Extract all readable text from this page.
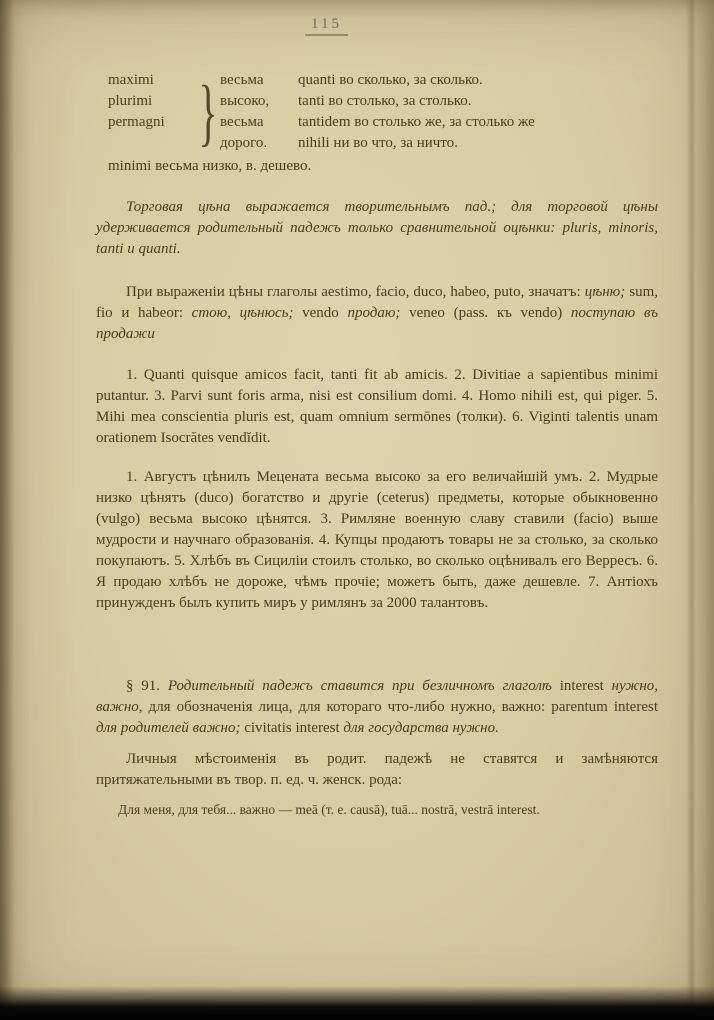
115
maximi
plurimi
permagni } весьма
высоко,
весьма
дорого.
quanti во сколько, за сколько.
tanti во столько, за столько.
tantidem во столько же, за столько же
nihili ни во что, за ничто.
minimi весьма низко, в. дешево.

Торговая цѣна выражается творительнымъ пад.; для торговой цѣны удерживается родительный падежъ только сравнительной оцѣнки: pluris, minoris, tanti и quanti.

При выраженіи цѣны глаголы aestimo, facio, duco, habeo, puto, значатъ: цѣню; sum, fio и habeor: стою, цѣнюсь; vendo продаю; veneo (pass. къ vendo) поступаю въ продажи

1. Quanti quisque amicos facit, tanti fit ab amicis. 2. Divitiae a sapientibus minimi putantur. 3. Parvi sunt foris arma, nisi est consilium domi. 4. Homo nihili est, qui piger. 5. Mihi mea conscientia pluris est, quam omnium sermōnes (толки). 6. Viginti talentis unam orationem Isocrătes vendĭdit.

1. Августъ цѣнилъ Мецената весьма высоко за его величайшій умъ. 2. Мудрые низко цѣнятъ (duco) богатство и другіе (ceterus) предметы, которые обыкновенно (vulgo) весьма высоко цѣнятся. 3. Римляне военную славу ставили (facio) выше мудрости и научнаго образованія. 4. Купцы продаютъ товары не за столько, за сколько покупаютъ. 5. Хлѣбъ въ Сициліи стоилъ столько, во сколько оцѣнивалъ его Верресъ. 6. Я продаю хлѣбъ не дороже, чѣмъ прочіе; можетъ быть, даже дешевле. 7. Антіохъ принужденъ былъ купить миръ у римлянъ за 2000 талантовъ.

§ 91. Родительный падежъ ставится при безличномъ глаголѣ interest нужно, важно, для обозначенія лица, для котораго что-либо нужно, важно: parentum interest для родителей важно; civitatis interest для государства нужно.

Личныя мѣстоименія въ родит. падежѣ не ставятся и замѣняются притяжательными въ твор. п. ед. ч. женск. рода:

Для меня, для тебя... важно — meā (т. е. causā), tuā... nostrā, vestrā interest.
